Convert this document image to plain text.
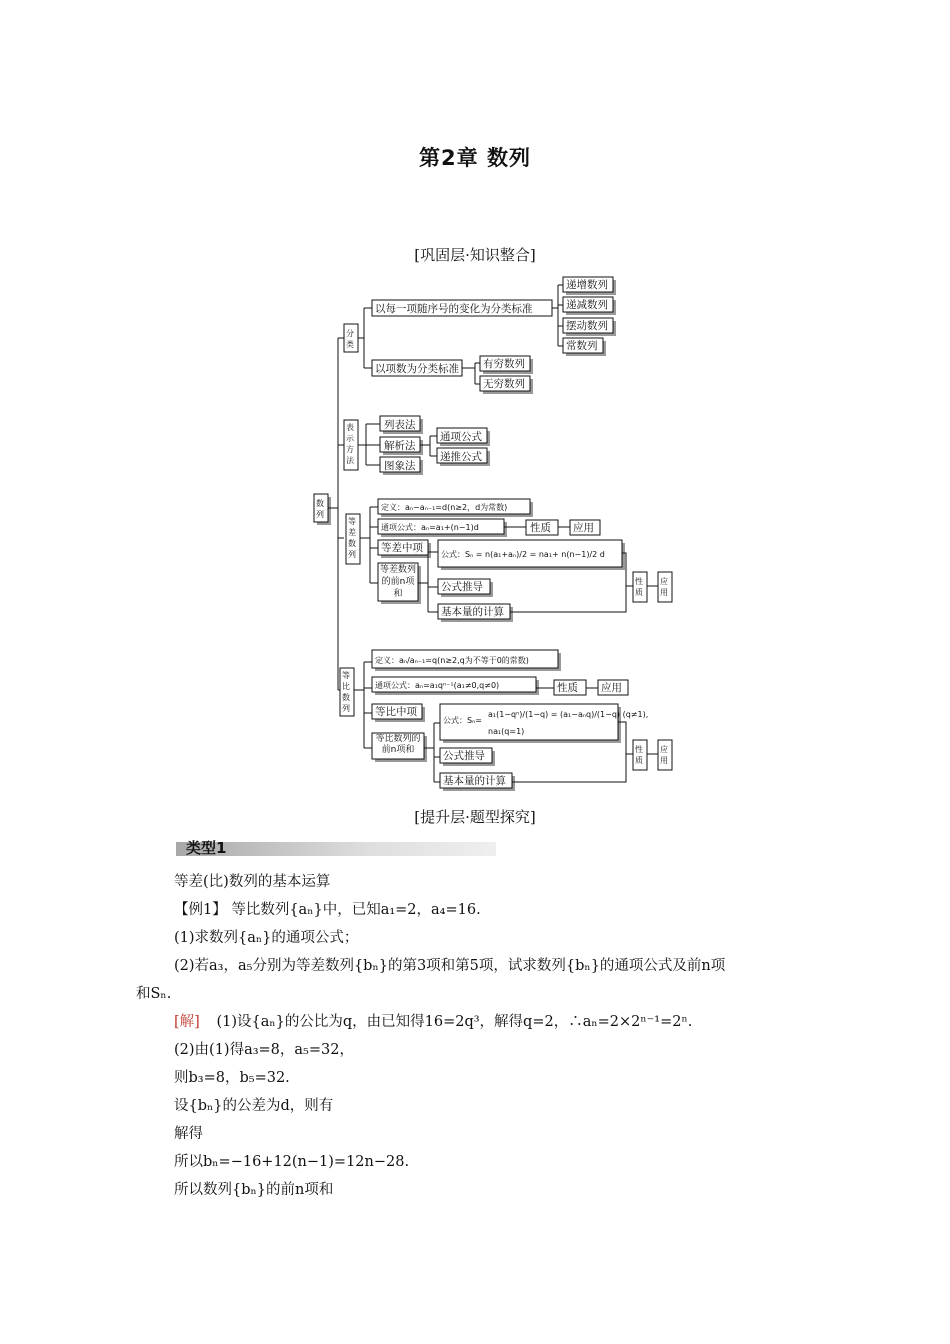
第2章 数列
[巩固层·知识整合]
数列
分类
以每一项随序号的变化为分类标准
以项数为分类标准
递增数列
递减数列
摆动数列
常数列
有穷数列
无穷数列
表示方法
列表法
解析法
图象法
通项公式
递推公式
等差数列
定义：aₙ−aₙ₋₁=d(n≥2，d为常数)
通项公式：aₙ=a₁+(n−1)d	性质 应用
等差中项
等差数列的前n项和
公式：Sₙ = n(a₁+aₙ)/2 = na₁+ n(n−1)/2 d
公式推导
基本量的计算
性质
应用
等比数列
定义：aₙ/aₙ₋₁=q(n≥2,q为不等于0的常数)
通项公式：aₙ=a₁qⁿ⁻¹(a₁≠0,q≠0)	性质 应用
等比中项
等比数列的前n项和
公式：Sₙ=
a₁(1−qⁿ)/(1−q) = (a₁−aₙq)/(1−q) (q≠1),
na₁(q=1)
公式推导
基本量的计算
性质
应用
[提升层·题型探究]
类型1
等差(比)数列的基本运算
【例1】 等比数列{aₙ}中，已知a₁=2，a₄=16.
(1)求数列{aₙ}的通项公式；
(2)若a₃，a₅分别为等差数列{bₙ}的第3项和第5项，试求数列{bₙ}的通项公式及前n项
和Sₙ.
[解] (1)设{aₙ}的公比为q，由已知得16=2q³，解得q=2，∴aₙ=2×2ⁿ⁻¹=2ⁿ.
(2)由(1)得a₃=8，a₅=32，
则b₃=8，b₅=32.
设{bₙ}的公差为d，则有
解得
所以bₙ=−16+12(n−1)=12n−28.
所以数列{bₙ}的前n项和
